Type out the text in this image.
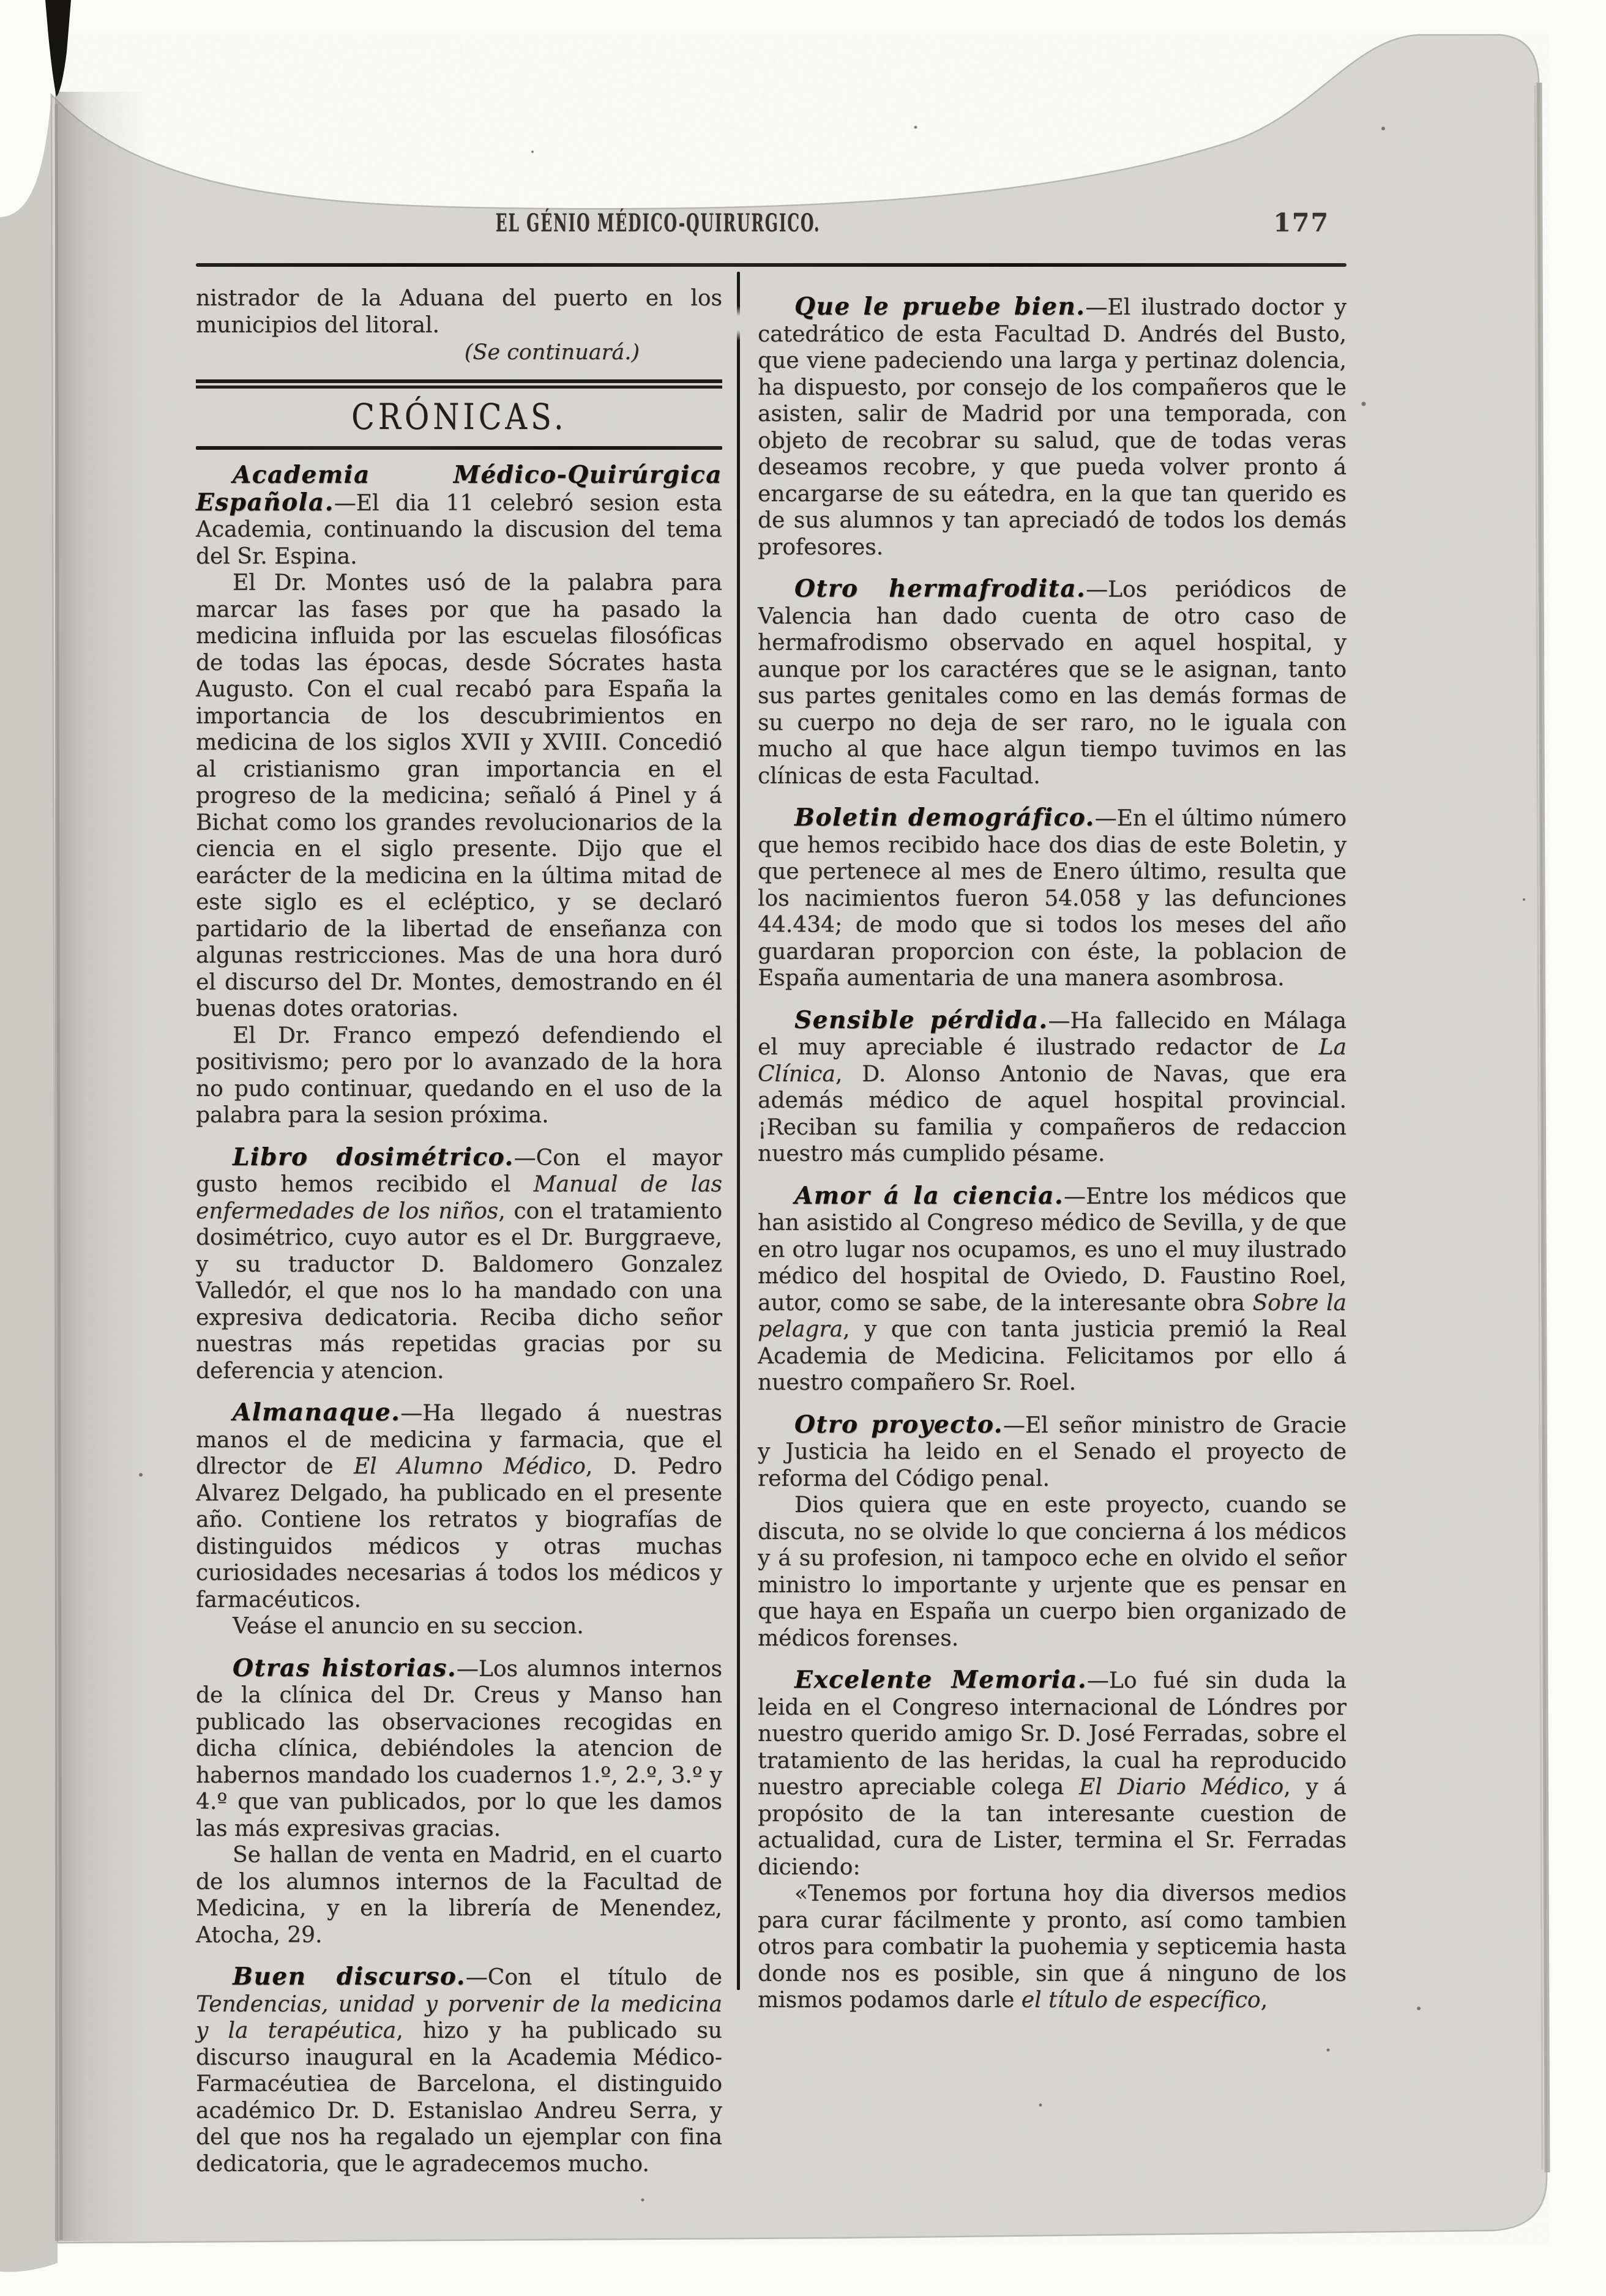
EL GÉNIO MÉDICO-QUIRURGICO.	177

nistrador de la Aduana del puerto en los municipios del litoral.

(Se continuará.)

CRÓNICAS.

Academia Médico-Quirúrgica Española.—El dia 11 celebró sesion esta Academia, continuando la discusion del tema del Sr. Espina.

El Dr. Montes usó de la palabra para marcar las fases por que ha pasado la medicina influida por las escuelas filosóficas de todas las épocas, desde Sócrates hasta Augusto. Con el cual recabó para España la importancia de los descubrimientos en medicina de los siglos XVII y XVIII. Concedió al cristianismo gran importancia en el progreso de la medicina; señaló á Pinel y á Bichat como los grandes revolucionarios de la ciencia en el siglo presente. Dijo que el earácter de la medicina en la última mitad de este siglo es el ecléptico, y se declaró partidario de la libertad de enseñanza con algunas restricciones. Mas de una hora duró el discurso del Dr. Montes, demostrando en él buenas dotes oratorias.

El Dr. Franco empezó defendiendo el positivismo; pero por lo avanzado de la hora no pudo continuar, quedando en el uso de la palabra para la sesion próxima.

Libro dosimétrico.—Con el mayor gusto hemos recibido el Manual de las enfermedades de los niños, con el tratamiento dosimétrico, cuyo autor es el Dr. Burggraeve, y su traductor D. Baldomero Gonzalez Valledór, el que nos lo ha mandado con una expresiva dedicatoria. Reciba dicho señor nuestras más repetidas gracias por su deferencia y atencion.

Almanaque.—Ha llegado á nuestras manos el de medicina y farmacia, que el dlrector de El Alumno Médico, D. Pedro Alvarez Delgado, ha publicado en el presente año. Contiene los retratos y biografías de distinguidos médicos y otras muchas curiosidades necesarias á todos los médicos y farmacéuticos.

Veáse el anuncio en su seccion.

Otras historias.—Los alumnos internos de la clínica del Dr. Creus y Manso han publicado las observaciones recogidas en dicha clínica, debiéndoles la atencion de habernos mandado los cuadernos 1.º, 2.º, 3.º y 4.º que van publicados, por lo que les damos las más expresivas gracias.

Se hallan de venta en Madrid, en el cuarto de los alumnos internos de la Facultad de Medicina, y en la librería de Menendez, Atocha, 29.

Buen discurso.—Con el título de Tendencias, unidad y porvenir de la medicina y la terapéutica, hizo y ha publicado su discurso inaugural en la Academia Médico-Farmacéutiea de Barcelona, el distinguido académico Dr. D. Estanislao Andreu Serra, y del que nos ha regalado un ejemplar con fina dedicatoria, que le agradecemos mucho.

Que le pruebe bien.—El ilustrado doctor y catedrático de esta Facultad D. Andrés del Busto, que viene padeciendo una larga y pertinaz dolencia, ha dispuesto, por consejo de los compañeros que le asisten, salir de Madrid por una temporada, con objeto de recobrar su salud, que de todas veras deseamos recobre, y que pueda volver pronto á encargarse de su eátedra, en la que tan querido es de sus alumnos y tan apreciadó de todos los demás profesores.

Otro hermafrodita.—Los periódicos de Valencia han dado cuenta de otro caso de hermafrodismo observado en aquel hospital, y aunque por los caractéres que se le asignan, tanto sus partes genitales como en las demás formas de su cuerpo no deja de ser raro, no le iguala con mucho al que hace algun tiempo tuvimos en las clínicas de esta Facultad.

Boletin demográfico.—En el último número que hemos recibido hace dos dias de este Boletin, y que pertenece al mes de Enero último, resulta que los nacimientos fueron 54.058 y las defunciones 44.434; de modo que si todos los meses del año guardaran proporcion con éste, la poblacion de España aumentaria de una manera asombrosa.

Sensible pérdida.—Ha fallecido en Málaga el muy apreciable é ilustrado redactor de La Clínica, D. Alonso Antonio de Navas, que era además médico de aquel hospital provincial. ¡Reciban su familia y compañeros de redaccion nuestro más cumplido pésame.

Amor á la ciencia.—Entre los médicos que han asistido al Congreso médico de Sevilla, y de que en otro lugar nos ocupamos, es uno el muy ilustrado médico del hospital de Oviedo, D. Faustino Roel, autor, como se sabe, de la interesante obra Sobre la pelagra, y que con tanta justicia premió la Real Academia de Medicina. Felicitamos por ello á nuestro compañero Sr. Roel.

Otro proyecto.—El señor ministro de Gracie y Justicia ha leido en el Senado el proyecto de reforma del Código penal.

Dios quiera que en este proyecto, cuando se discuta, no se olvide lo que concierna á los médicos y á su profesion, ni tampoco eche en olvido el señor ministro lo importante y urjente que es pensar en que haya en España un cuerpo bien organizado de médicos forenses.

Excelente Memoria.—Lo fué sin duda la leida en el Congreso internacional de Lóndres por nuestro querido amigo Sr. D. José Ferradas, sobre el tratamiento de las heridas, la cual ha reproducido nuestro apreciable colega El Diario Médico, y á propósito de la tan interesante cuestion de actualidad, cura de Lister, termina el Sr. Ferradas diciendo:

«Tenemos por fortuna hoy dia diversos medios para curar fácilmente y pronto, así como tambien otros para combatir la puohemia y septicemia hasta donde nos es posible, sin que á ninguno de los mismos podamos darle el título de específico,
